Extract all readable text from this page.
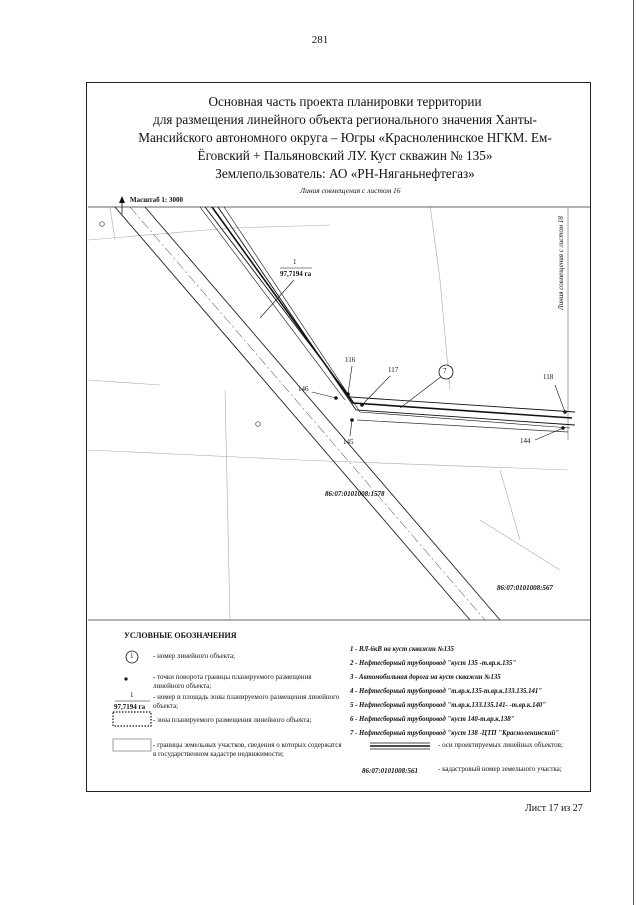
281
Основная часть проекта планировки территории
для размещения линейного объекта регионального значения Ханты-
Мансийского автономного округа – Югры «Красноленинское НГКМ. Ем-
Ёговский + Пальяновский ЛУ. Куст скважин № 135»
Землепользователь: АО «РН-Няганьнефтегаз»
Масштаб 1: 3000
Линия совмещения с листом 16
Линия совмещения с листом 18
1
97,7194 га
7
116
117
146
145
118
144
86:07:0101008:1578
86:07:0101008:567
УСЛОВНЫЕ ОБОЗНАЧЕНИЯ
1	- номер линейного объекта;
- точки поворота границы планируемого размещения линейного объекта;
1
97,7194 га
- номер и площадь зоны планируемого размещения линейного объекта;
- зона планируемого размещения линейного объекта;
- границы земельных участков, сведения о которых содержатся в государственном кадастре недвижимости;
1 - ВЛ-6кВ на куст скважин №135
2 - Нефтесборный трубопровод "куст 135 -т.вр.к.135"
3 - Автомобильная дорога на куст скважин №135
4 - Нефтесборный трубопровод "т.вр.к.135-т.вр.к.133.135.141"
5 - Нефтесборный трубопровод "т.вр.к.133.135.141- -т.вр.к.140"
6 - Нефтесборный трубопровод "куст 140-т.вр.к.138"
7 - Нефтесборный трубопровод "куст 138 -ЦТП "Красноленинский"
- оси проектируемых линейных объектов;
86:07:0101008:561	- кадастровый номер земельного участка;
Лист 17 из 27
